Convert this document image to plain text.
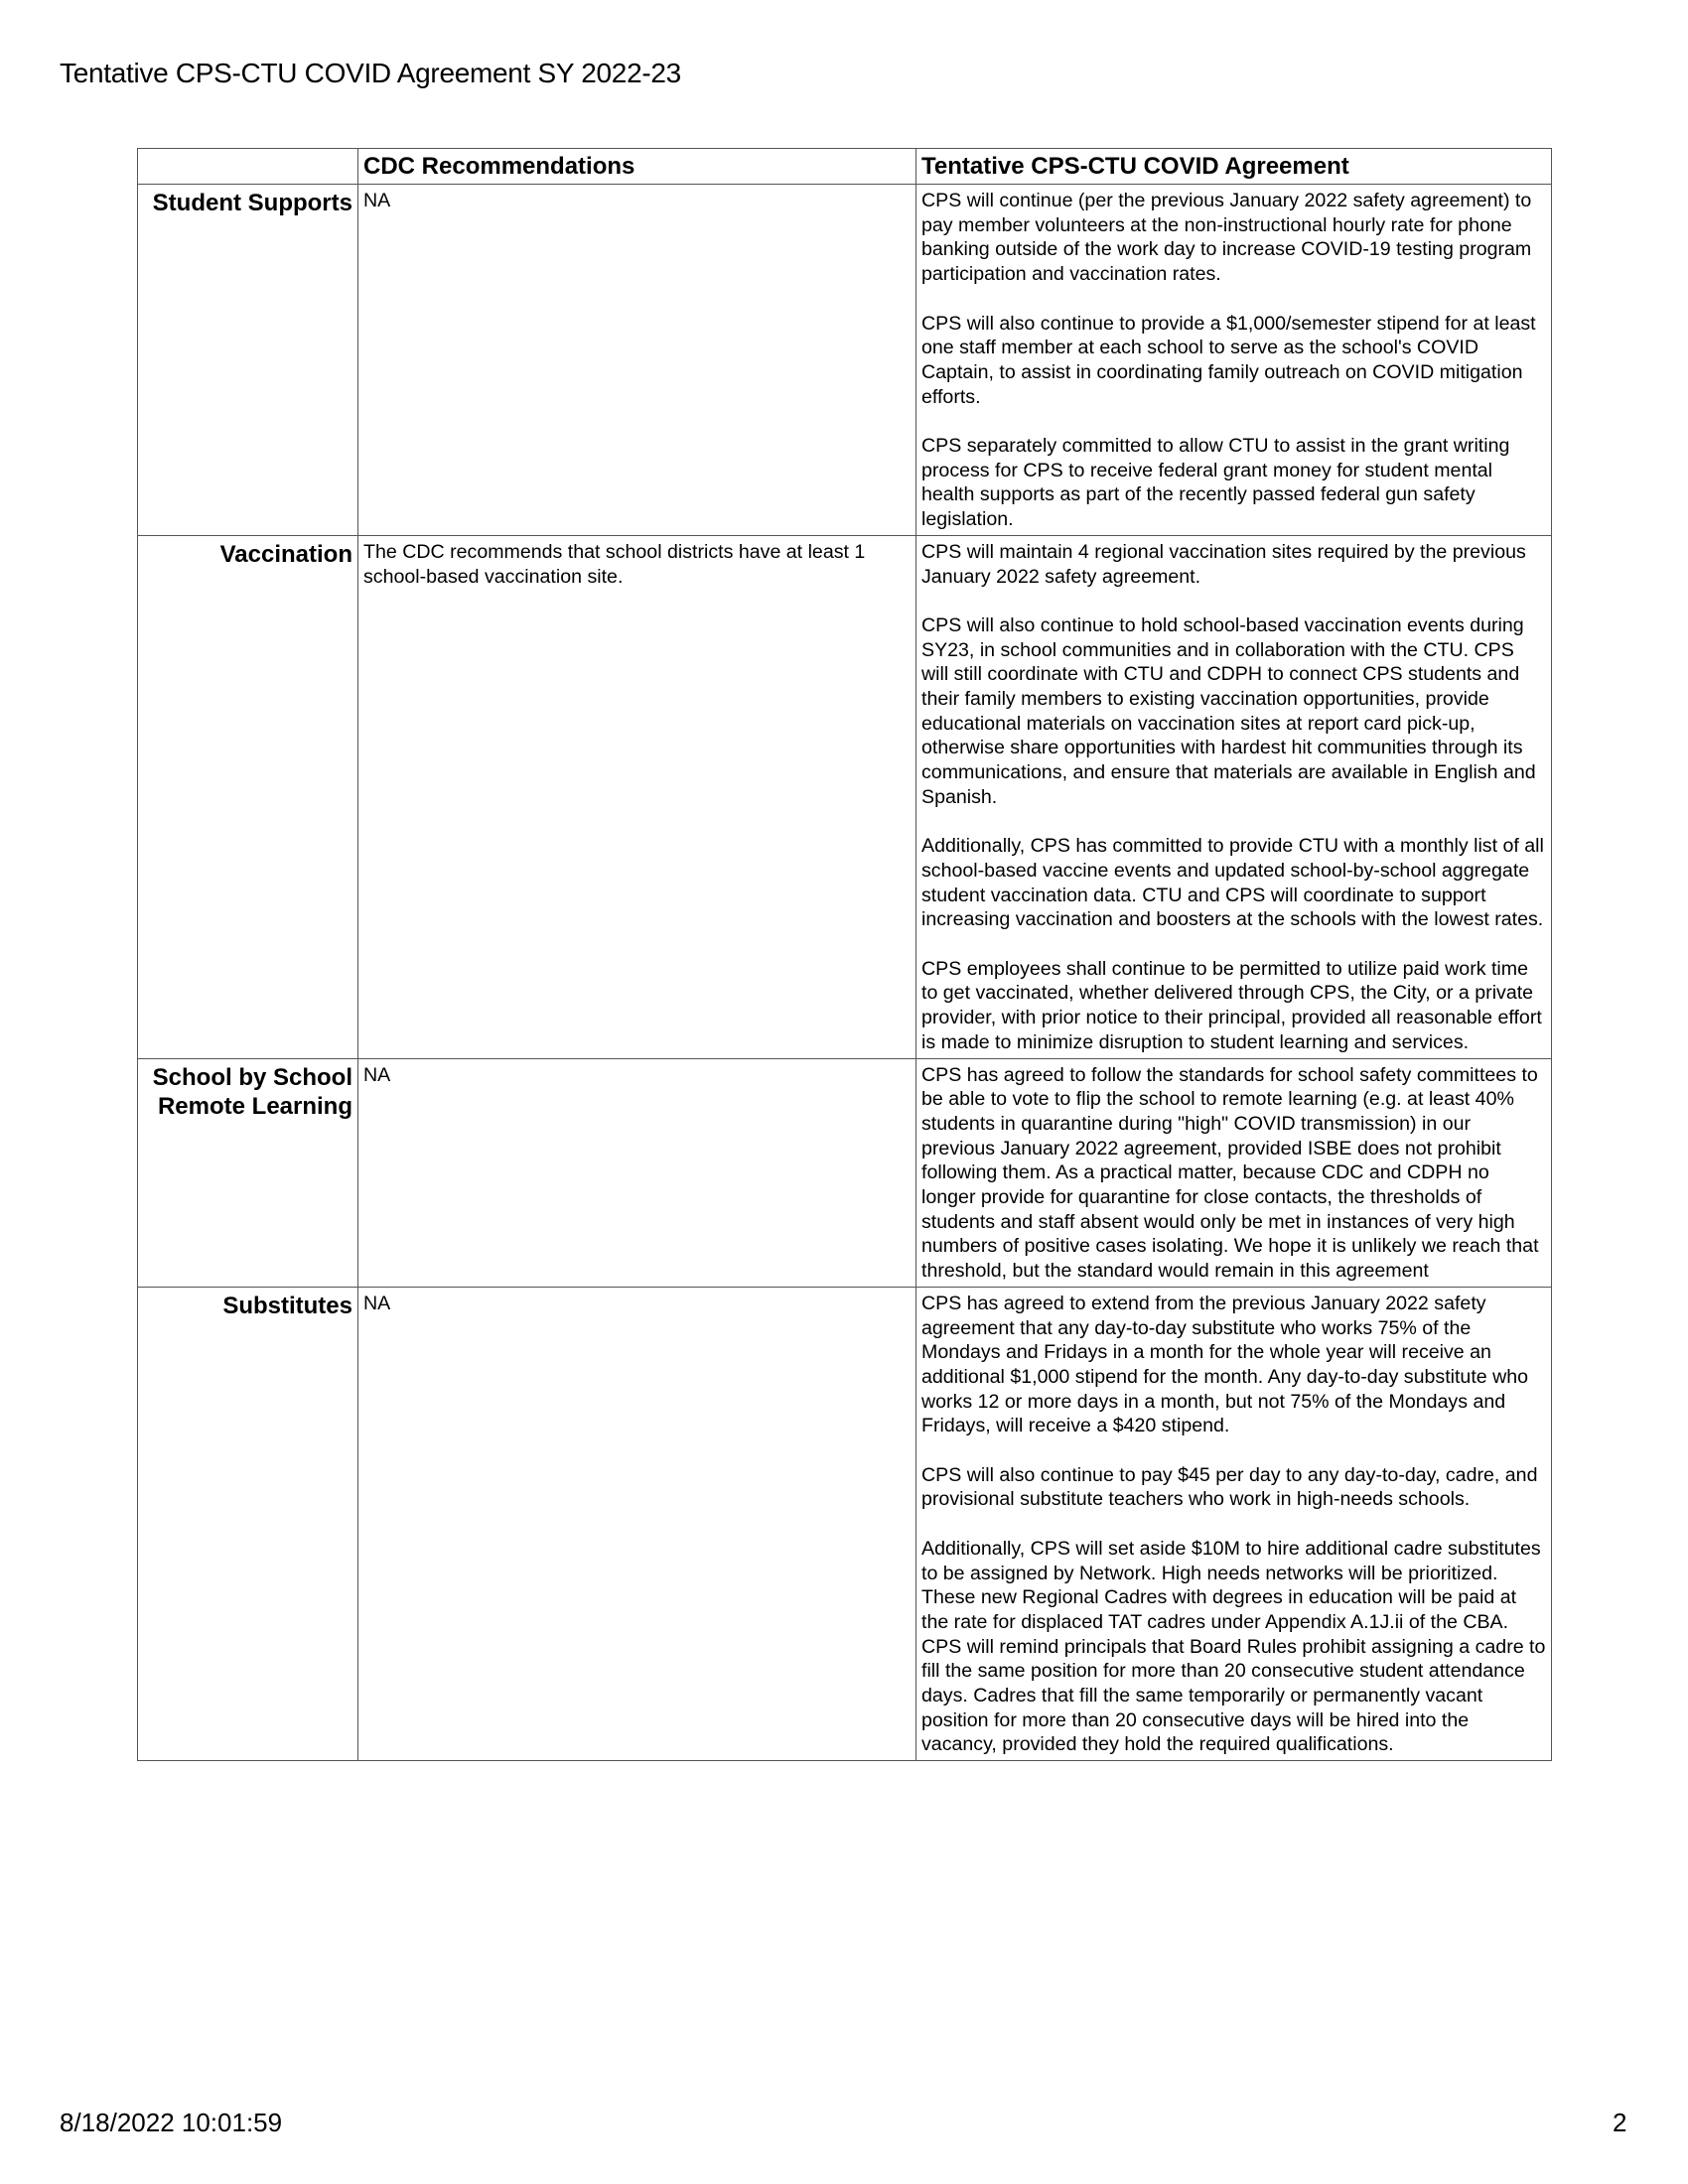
Tentative CPS-CTU COVID Agreement SY 2022-23
	CDC Recommendations	Tentative CPS-CTU COVID Agreement
Student Supports	NA	CPS will continue (per the previous January 2022 safety agreement) to pay member volunteers at the non-instructional hourly rate for phone banking outside of the work day to increase COVID-19 testing program participation and vaccination rates.

CPS will also continue to provide a $1,000/semester stipend for at least one staff member at each school to serve as the school's COVID Captain, to assist in coordinating family outreach on COVID mitigation efforts.

CPS separately committed to allow CTU to assist in the grant writing process for CPS to receive federal grant money for student mental health supports as part of the recently passed federal gun safety legislation.

Vaccination	The CDC recommends that school districts have at least 1 school-based vaccination site.	CPS will maintain 4 regional vaccination sites required by the previous January 2022 safety agreement.

CPS will also continue to hold school-based vaccination events during SY23, in school communities and in collaboration with the CTU. CPS will still coordinate with CTU and CDPH to connect CPS students and their family members to existing vaccination opportunities, provide educational materials on vaccination sites at report card pick-up, otherwise share opportunities with hardest hit communities through its communications, and ensure that materials are available in English and Spanish.

Additionally, CPS has committed to provide CTU with a monthly list of all school-based vaccine events and updated school-by-school aggregate student vaccination data. CTU and CPS will coordinate to support increasing vaccination and boosters at the schools with the lowest rates.

CPS employees shall continue to be permitted to utilize paid work time to get vaccinated, whether delivered through CPS, the City, or a private provider, with prior notice to their principal, provided all reasonable effort is made to minimize disruption to student learning and services.

School by School Remote Learning	NA	CPS has agreed to follow the standards for school safety committees to be able to vote to flip the school to remote learning (e.g. at least 40% students in quarantine during "high" COVID transmission) in our previous January 2022 agreement, provided ISBE does not prohibit following them. As a practical matter, because CDC and CDPH no longer provide for quarantine for close contacts, the thresholds of students and staff absent would only be met in instances of very high numbers of positive cases isolating. We hope it is unlikely we reach that threshold, but the standard would remain in this agreement

Substitutes	NA	CPS has agreed to extend from the previous January 2022 safety agreement that any day-to-day substitute who works 75% of the Mondays and Fridays in a month for the whole year will receive an additional $1,000 stipend for the month. Any day-to-day substitute who works 12 or more days in a month, but not 75% of the Mondays and Fridays, will receive a $420 stipend.

CPS will also continue to pay $45 per day to any day-to-day, cadre, and provisional substitute teachers who work in high-needs schools.

Additionally, CPS will set aside $10M to hire additional cadre substitutes to be assigned by Network. High needs networks will be prioritized. These new Regional Cadres with degrees in education will be paid at the rate for displaced TAT cadres under Appendix A.1J.ii of the CBA. CPS will remind principals that Board Rules prohibit assigning a cadre to fill the same position for more than 20 consecutive student attendance days. Cadres that fill the same temporarily or permanently vacant position for more than 20 consecutive days will be hired into the vacancy, provided they hold the required qualifications.

8/18/2022 10:01:59	2
